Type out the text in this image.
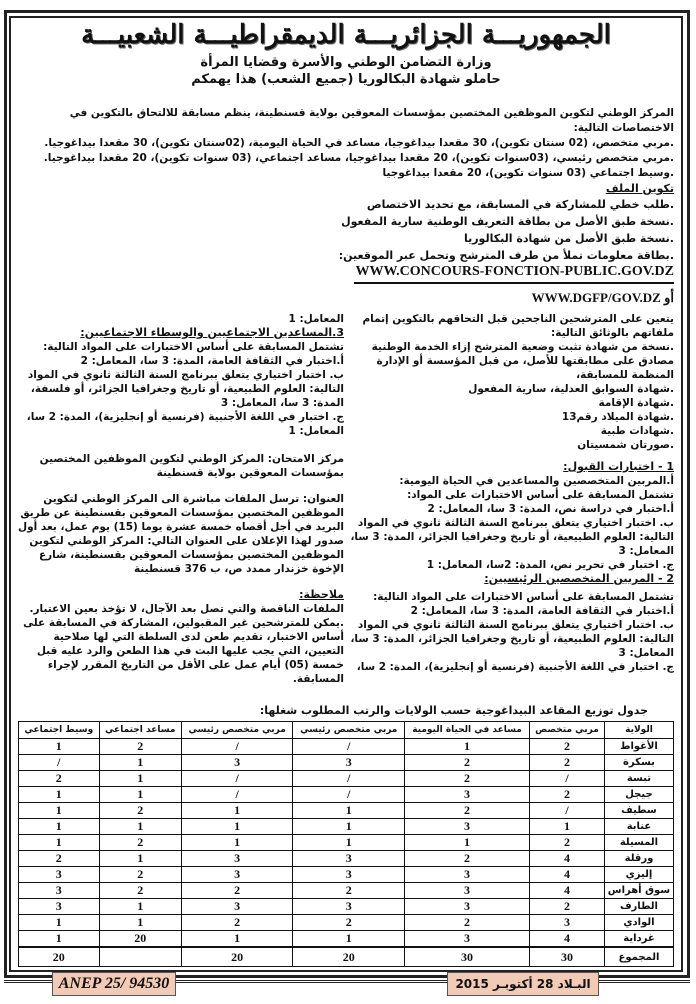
الجمهوريـــة الجزائريـــة الديمقراطيـــة الشعبيـــة
وزارة التضامن الوطني والأسرة وقضايا المرأة
حاملو شهادة البكالوريا (جميع الشعب) هذا يهمكم
المركز الوطني لتكوين الموظفين المختصين بمؤسسات المعوقين بولاية قسنطينة، ينظم مسابقة للالتحاق بالتكوين في الاختصاصات التالية:
.مربي متخصص، (02 سنتان تكوين)، 30 مقعدا بيداغوجيا، مساعد في الحياة اليومية، (02سنتان تكوين)، 30 مقعدا بيداغوجيا.
.مربي متخصص رئيسي، (03سنوات تكوين)، 20 مقعدا بيداغوجيا، مساعد اجتماعي، (03 سنوات تكوين)، 20 مقعدا بيداغوجيا.
.وسيط اجتماعي (03 سنوات تكوين)، 20 مقعدا بيداغوجيا
تكوين الملف
.طلب خطي للمشاركة في المسابقة، مع تحديد الاختصاص
.نسخة طبق الأصل من بطاقة التعريف الوطنية سارية المفعول
.نسخة طبق الأصل من شهادة البكالوريا
.بطاقة معلومات تملأ من طرف المترشح وتحمل عبر الموقعين:
WWW.CONCOURS-FONCTION-PUBLIC.GOV.DZ
أو WWW.DGFP/GOV.DZ

يتعين على المترشحين الناجحين قبل التحاقهم بالتكوين إتمام ملفاتهم بالوثائق التالية:

.نسخة من شهادة تثبت وضعية المترشح إزاء الخدمة الوطنية مصادق على مطابقتها للأصل، من قبل المؤسسة أو الإدارة المنظمة للمسابقة،

.شهادة السوابق العدلية، سارية المفعول

.شهادة الإقامة

.شهادة الميلاد رقم13

.شهادات طبية

.صورتان شمسيتان

1 - اختبارات القبول:

أ.المربين المتخصصين والمساعدين في الحياة اليومية:

تشتمل المسابقة على أساس الاختبارات على المواد:

أ.اختبار في دراسة نص، المدة: 3 سا، المعامل: 2

ب. اختبار اختياري يتعلق ببرنامج السنة الثالثة ثانوي في المواد التالية: العلوم الطبيعية، أو تاريخ وجغرافيا الجزائر، المدة: 3 سا، المعامل: 3

ج. اختبار في تحرير نص، المدة: 2سا، المعامل: 1

2 - المربين المتخصصين الرئيسيين:

تشتمل المسابقة على أساس الاختبارات على المواد التالية:

أ.اختبار في الثقافة العامة، المدة: 3 سا، المعامل: 2

ب. اختبار اختياري يتعلق ببرنامج السنة الثالثة ثانوي في المواد التالية: العلوم الطبيعية، أو تاريخ وجغرافيا الجزائر، المدة: 3 سا، المعامل: 3

ج. اختبار في اللغة الأجنبية (فرنسية أو إنجليزية)، المدة: 2 سا،

المعامل: 1

3.المساعدين الاجتماعيين والوسطاء الاجتماعيين:

تشتمل المسابقة على أساس الاختبارات على المواد التالية:

أ.اختبار في الثقافة العامة، المدة: 3 سا، المعامل: 2

ب. اختبار اختياري يتعلق ببرنامج السنة الثالثة ثانوي في المواد التالية: العلوم الطبيعية، أو تاريخ وجغرافيا الجزائر، أو فلسفة، المدة: 3 سا، المعامل: 3

ج. اختبار في اللغة الأجنبية (فرنسية أو إنجليزية)، المدة: 2 سا، المعامل: 1

مركز الامتحان: المركز الوطني لتكوين الموظفين المختصين بمؤسسات المعوقين بولاية قسنطينة

العنوان: ترسل الملفات مباشرة الى المركز الوطني لتكوين الموظفين المختصين بمؤسسات المعوقين بقسنطينة عن طريق البريد في أجل أقصاه خمسة عشرة يوما (15) يوم عمل، بعد أول صدور لهذا الإعلان على العنوان التالي: المركز الوطني لتكوين الموظفين المختصين بمؤسسات المعوقين بقسنطينة، شارع الإخوة خزندار ممدد ص، ب 376 قسنطينة

ملاحظة:

الملفات الناقصة والتي تصل بعد الآجال، لا تؤخذ بعين الاعتبار.

.يمكن للمترشحين غير المقبولين، المشاركة في المسابقة على أساس الاختبار، تقديم طعن لدى السلطة التي لها صلاحية التعيين، التي يجب عليها البت في هذا الطعن والرد عليه قبل خمسة (05) أيام عمل على الأقل من التاريخ المقرر لإجراء المسابقة.

جدول توزيع المقاعد البيداغوجية حسب الولايات والرتب المطلوب شغلها:
الولاية	مربي متخصص	مساعد في الحياة اليومية	مربي متخصص رئيسي	مربي متخصص رئيسي	مساعد اجتماعي	وسيط اجتماعي
الأغواط	2	1	/	/	2	1
بسكرة	2	2	3	3	1	/
تبسة	/	2	/	/	1	2
جيجل	2	3	/	/	1	1
سطيف	/	2	1	1	2	1
عنابة	1	3	1	1	1	1
المسيلة	2	1	1	1	2	1
ورقلة	4	2	3	3	1	2
إليزي	4	3	3	3	2	3
سوق أهراس	4	3	2	2	2	3
الطارف	2	3	3	3	1	3
الوادي	3	2	2	2	1	1
غرداية	4	3	1	1	20	1
المجموع	30	30	20	20		20
ANEP 25/ 94530	البـلاد 28 أكتوبـر 2015
